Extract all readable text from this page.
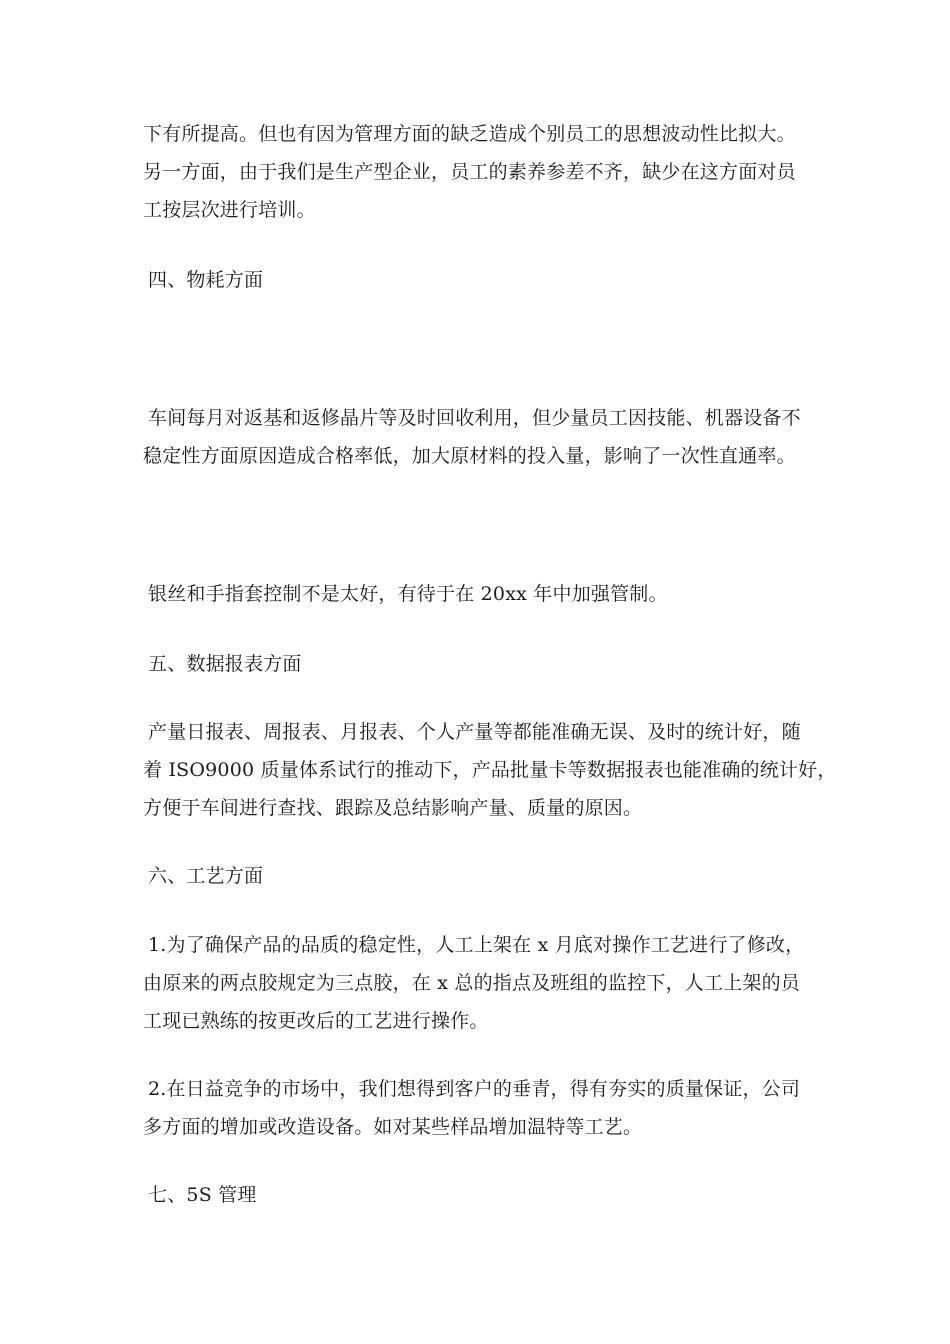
下有所提高。但也有因为管理方面的缺乏造成个别员工的思想波动性比拟大。
另一方面，由于我们是生产型企业，员工的素养参差不齐，缺少在这方面对员
工按层次进行培训。
四、物耗方面
车间每月对返基和返修晶片等及时回收利用，但少量员工因技能、机器设备不
稳定性方面原因造成合格率低，加大原材料的投入量，影响了一次性直通率。
银丝和手指套控制不是太好，有待于在 20xx 年中加强管制。
五、数据报表方面
产量日报表、周报表、月报表、个人产量等都能准确无误、及时的统计好，随
着 ISO9000 质量体系试行的推动下，产品批量卡等数据报表也能准确的统计好，
方便于车间进行查找、跟踪及总结影响产量、质量的原因。
六、工艺方面
1.为了确保产品的品质的稳定性，人工上架在 x 月底对操作工艺进行了修改，
由原来的两点胶规定为三点胶，在 x 总的指点及班组的监控下，人工上架的员
工现已熟练的按更改后的工艺进行操作。
2.在日益竞争的市场中，我们想得到客户的垂青，得有夯实的质量保证，公司
多方面的增加或改造设备。如对某些样品增加温特等工艺。
七、5S 管理
